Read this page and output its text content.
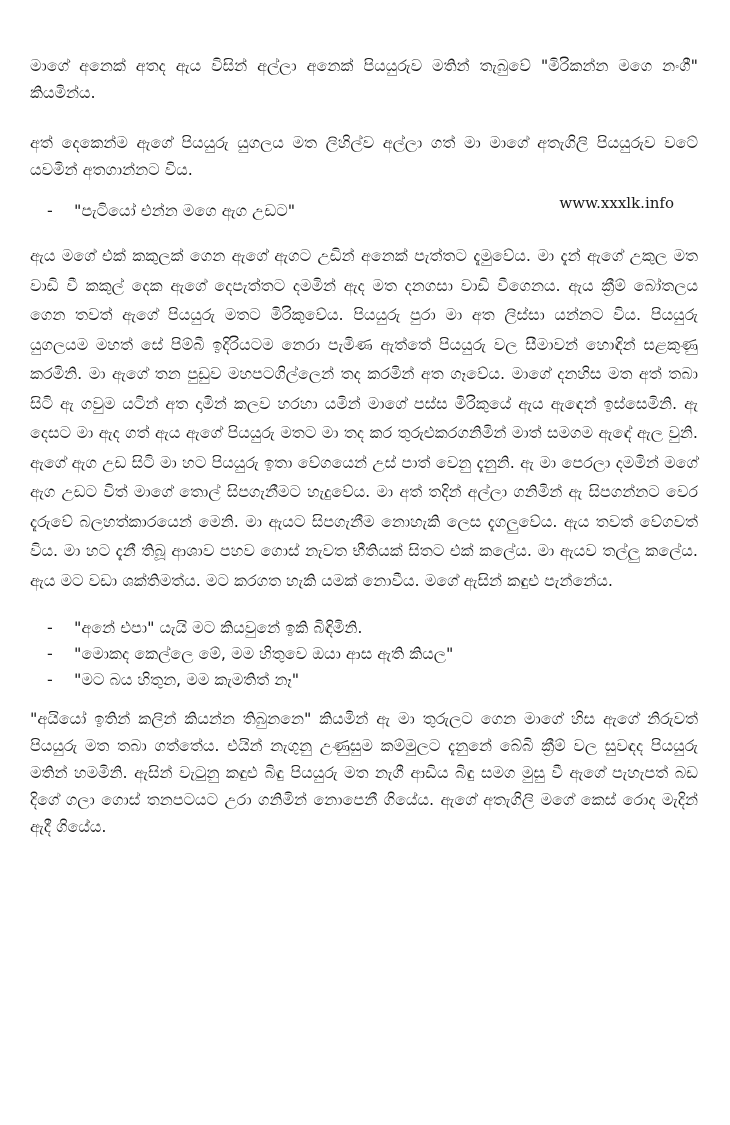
මාගේ අනෙක් අතද ඇය විසින් අල්ලා අනෙක් පියයුරුව මතින් තැබුවේ "මිරිකන්න මගෙ නංගී" කියමින්ය.

අත් දෙකෙන්ම ඇගේ පියයුරු යුගලය මත ලිහිල්ව අල්ලා ගත් මා මාගේ අතැගිලි පියයුරුව වටේ යවමින් අතගාන්නට විය.

-	"පැටියෝ එන්න මගෙ ඇග උඩට"	www.xxxlk.info

ඇය මගේ එක් කකුලක් ගෙන ඇගේ ඇගට උඩින් අනෙක් පැත්තට දැමුවේය. මා දැන් ඇගේ උකුල මත වාඩි වී කකුල් දෙක ඇගේ දෙපැත්තට දමමින් ඇද මත දනගසා වාඩි වීගෙනය. ඇය ක්‍රීම් බෝතලය ගෙන තවත් ඇගේ පියයුරු මතට මිරිකුවේය. පියයුරු පුරා මා අත ලිස්සා යන්නට විය. පියයුරු යුගලයම මහත් සේ පිම්බී ඉදිරියටම නෙරා පැමිණ ඇත්තේ පියයුරු වල සීමාවන් හොඳින් සළකුණු කරමිනි. මා ඇගේ තන පුඩුව මහපටගිල්ලෙන් තද කරමින් අත ගෑවේය. මාගේ දනහිස මත අත් තබා සිටි ඇ ගවුම යටින් අත දාමින් කලව හරහා යමින් මාගේ පස්ස මිරිකුයේ ඇය ඇඳෙන් ඉස්සෙමිනි. ඇ දෙසට මා ඇද ගත් ඇය ඇගේ පියයුරු මතට මා තද කර තුරුළුකරගනිමින් මාත් සමගම ඇඳේ ඇල වුනි. ඇගේ ඇග උඩ සිටි මා හට පියයුරු ඉතා වේගයෙන් උස් පාත් වෙනු දැනුනි. ඇ මා පෙරලා දමමින් මගේ ඇග උඩට විත් මාගේ තොල් සිපගැනීමට හැදුවේය. මා අත් තදින් අල්ලා ගනිමින් ඇ සිපගන්නට වෙර දැරුවේ බලහත්කාරයෙන් මෙනි. මා ඇයට සිපගැනීම නොහැකි ලෙස දැගලුවේය. ඇය තවත් වේගවත් විය. මා හට දැනී තිබූ ආශාව පහව ගොස් නැවත භීතියක් සිතට එක් කලේය. මා ඇයව තල්ලු කලේය. ඇය මට වඩා ශක්තිමත්ය. මට කරගත හැකි යමක් නොවීය. මගේ ඇසින් කඳුළු පැන්නේය.

-	"අනේ එපා" යැයි මට කියවුනේ ඉකි බිඳිමිනි.
-	"මොකද කෙල්ලෙ මේ, මම හිතුවෙ ඔයා ආස ඇති කියල"
-	"මට බය හිතුන, මම කැමතිත් නෑ"

"අයියෝ ඉතින් කලින් කියන්න තිබුනනෙ" කියමින් ඇ මා තුරුලට ගෙන මාගේ හිස ඇගේ නිරුවත් පියයුරු මත තබා ගත්තේය. එයින් නැගුනු උණුසුම කම්මුලට දැනුනේ බේබි ක්‍රීම් වල සුවඳද පියයුරු මතින් හමමිනි. ඇසින් වැටුනු කඳුළු බිඳු පියයුරු මත නැගී ආඩිය බිඳු සමග මුසු වී ඇගේ පැහැපත් බඩ දිගේ ගලා ගොස් තනපටයට උරා ගනිමින් නොපෙනී ගියේය. ඇගේ අතැගිලි මගේ කෙස් රොද මැදින් ඇදී ගියේය.
